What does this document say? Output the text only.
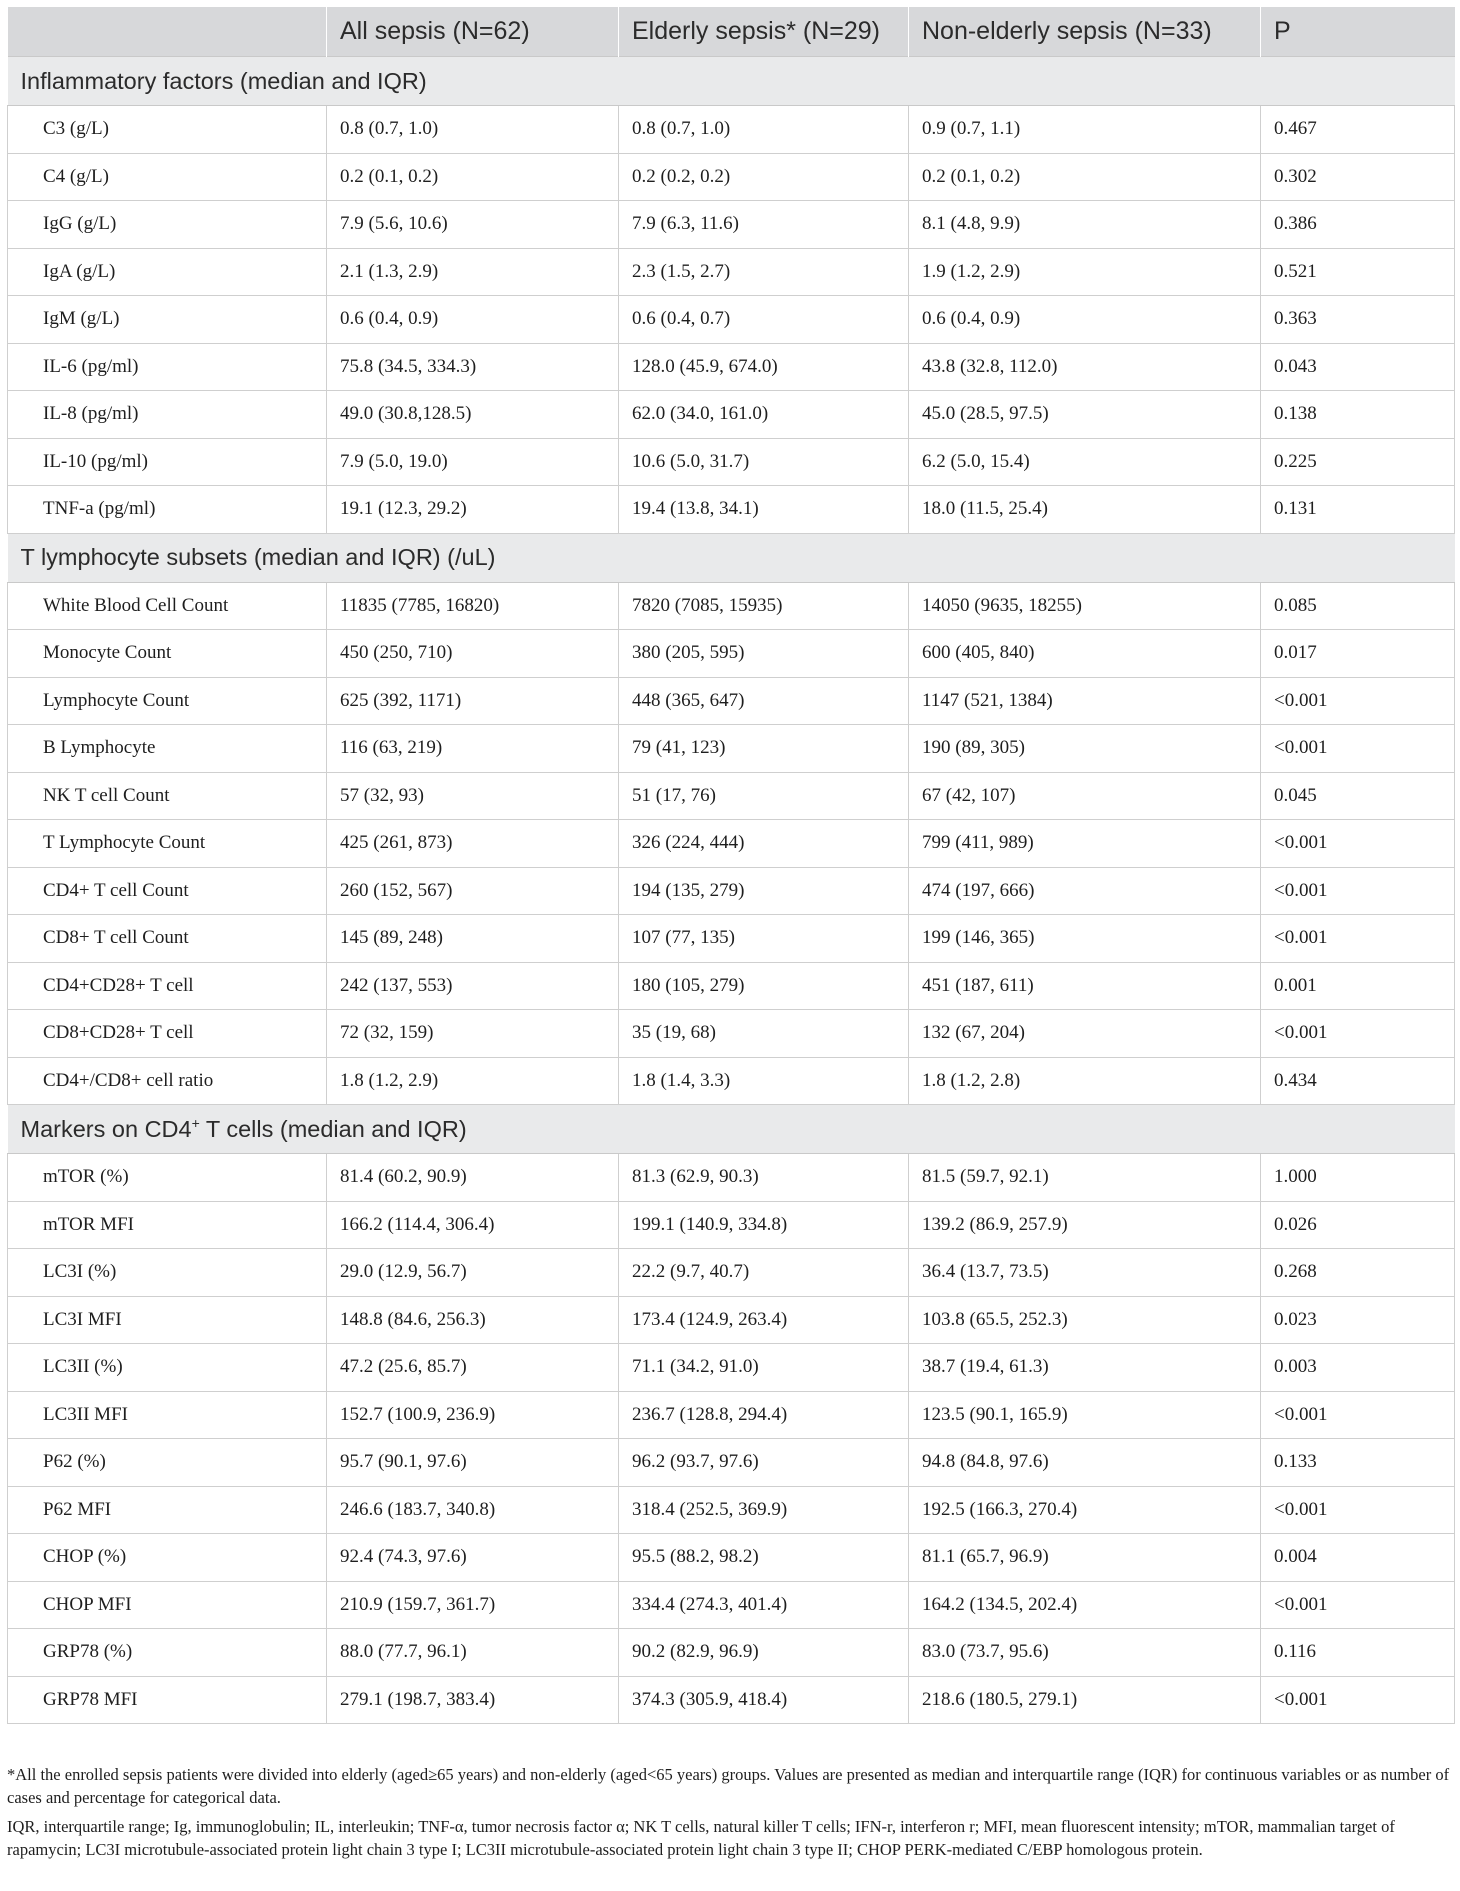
	All sepsis (N=62)	Elderly sepsis* (N=29)	Non-elderly sepsis (N=33)	P
Inflammatory factors (median and IQR)				
C3 (g/L)	0.8 (0.7, 1.0)	0.8 (0.7, 1.0)	0.9 (0.7, 1.1)	0.467
C4 (g/L)	0.2 (0.1, 0.2)	0.2 (0.2, 0.2)	0.2 (0.1, 0.2)	0.302
IgG (g/L)	7.9 (5.6, 10.6)	7.9 (6.3, 11.6)	8.1 (4.8, 9.9)	0.386
IgA (g/L)	2.1 (1.3, 2.9)	2.3 (1.5, 2.7)	1.9 (1.2, 2.9)	0.521
IgM (g/L)	0.6 (0.4, 0.9)	0.6 (0.4, 0.7)	0.6 (0.4, 0.9)	0.363
IL-6 (pg/ml)	75.8 (34.5, 334.3)	128.0 (45.9, 674.0)	43.8 (32.8, 112.0)	0.043
IL-8 (pg/ml)	49.0 (30.8,128.5)	62.0 (34.0, 161.0)	45.0 (28.5, 97.5)	0.138
IL-10 (pg/ml)	7.9 (5.0, 19.0)	10.6 (5.0, 31.7)	6.2 (5.0, 15.4)	0.225
TNF-a (pg/ml)	19.1 (12.3, 29.2)	19.4 (13.8, 34.1)	18.0 (11.5, 25.4)	0.131
T lymphocyte subsets (median and IQR) (/uL)				
White Blood Cell Count	11835 (7785, 16820)	7820 (7085, 15935)	14050 (9635, 18255)	0.085
Monocyte Count	450 (250, 710)	380 (205, 595)	600 (405, 840)	0.017
Lymphocyte Count	625 (392, 1171)	448 (365, 647)	1147 (521, 1384)	<0.001
B Lymphocyte	116 (63, 219)	79 (41, 123)	190 (89, 305)	<0.001
NK T cell Count	57 (32, 93)	51 (17, 76)	67 (42, 107)	0.045
T Lymphocyte Count	425 (261, 873)	326 (224, 444)	799 (411, 989)	<0.001
CD4+ T cell Count	260 (152, 567)	194 (135, 279)	474 (197, 666)	<0.001
CD8+ T cell Count	145 (89, 248)	107 (77, 135)	199 (146, 365)	<0.001
CD4+CD28+ T cell	242 (137, 553)	180 (105, 279)	451 (187, 611)	0.001
CD8+CD28+ T cell	72 (32, 159)	35 (19, 68)	132 (67, 204)	<0.001
CD4+/CD8+ cell ratio	1.8 (1.2, 2.9)	1.8 (1.4, 3.3)	1.8 (1.2, 2.8)	0.434
Markers on CD4+ T cells (median and IQR)				
mTOR (%)	81.4 (60.2, 90.9)	81.3 (62.9, 90.3)	81.5 (59.7, 92.1)	1.000
mTOR MFI	166.2 (114.4, 306.4)	199.1 (140.9, 334.8)	139.2 (86.9, 257.9)	0.026
LC3I (%)	29.0 (12.9, 56.7)	22.2 (9.7, 40.7)	36.4 (13.7, 73.5)	0.268
LC3I MFI	148.8 (84.6, 256.3)	173.4 (124.9, 263.4)	103.8 (65.5, 252.3)	0.023
LC3II (%)	47.2 (25.6, 85.7)	71.1 (34.2, 91.0)	38.7 (19.4, 61.3)	0.003
LC3II MFI	152.7 (100.9, 236.9)	236.7 (128.8, 294.4)	123.5 (90.1, 165.9)	<0.001
P62 (%)	95.7 (90.1, 97.6)	96.2 (93.7, 97.6)	94.8 (84.8, 97.6)	0.133
P62 MFI	246.6 (183.7, 340.8)	318.4 (252.5, 369.9)	192.5 (166.3, 270.4)	<0.001
CHOP (%)	92.4 (74.3, 97.6)	95.5 (88.2, 98.2)	81.1 (65.7, 96.9)	0.004
CHOP MFI	210.9 (159.7, 361.7)	334.4 (274.3, 401.4)	164.2 (134.5, 202.4)	<0.001
GRP78 (%)	88.0 (77.7, 96.1)	90.2 (82.9, 96.9)	83.0 (73.7, 95.6)	0.116
GRP78 MFI	279.1 (198.7, 383.4)	374.3 (305.9, 418.4)	218.6 (180.5, 279.1)	<0.001

*All the enrolled sepsis patients were divided into elderly (aged≥65 years) and non-elderly (aged<65 years) groups. Values are presented as median and interquartile range (IQR) for continuous variables or as number of cases and percentage for categorical data.

IQR, interquartile range; Ig, immunoglobulin; IL, interleukin; TNF-α, tumor necrosis factor α; NK T cells, natural killer T cells; IFN-r, interferon r; MFI, mean fluorescent intensity; mTOR, mammalian target of rapamycin; LC3I microtubule-associated protein light chain 3 type I; LC3II microtubule-associated protein light chain 3 type II; CHOP PERK-mediated C/EBP homologous protein.
